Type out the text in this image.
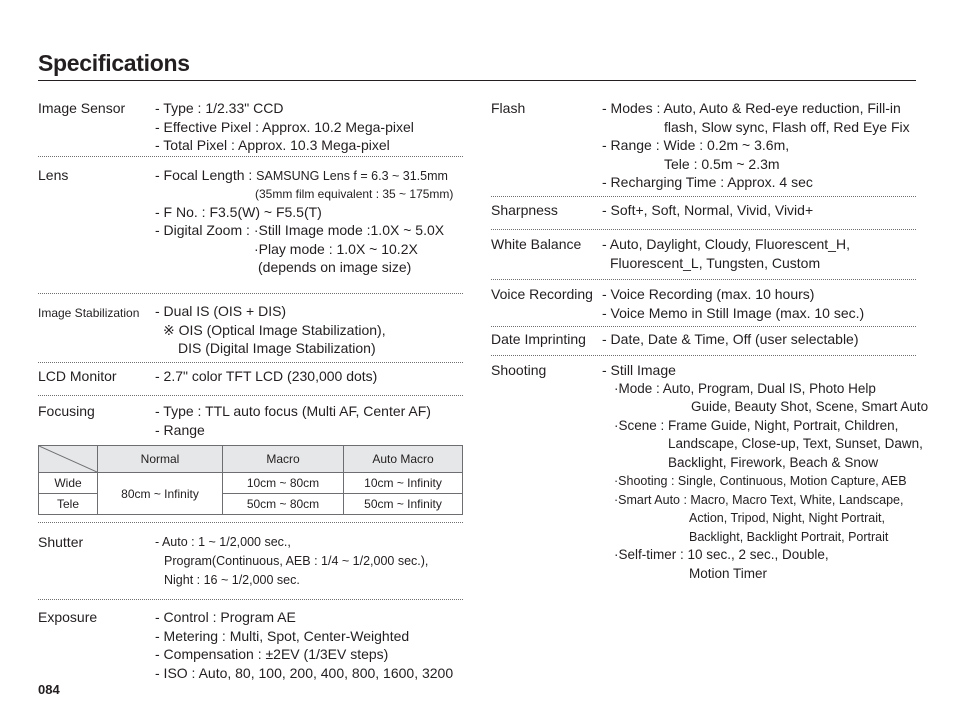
Specifications
Image Sensor - Type : 1/2.33" CCD
- Effective Pixel : Approx. 10.2 Mega-pixel
- Total Pixel : Approx. 10.3 Mega-pixel
Lens	- Focal Length : SAMSUNG Lens f = 6.3 ~ 31.5mm
(35mm film equivalent : 35 ~ 175mm)
- F No. : F3.5(W) ~ F5.5(T)
- Digital Zoom : ·Still Image mode :1.0X ~ 5.0X
·Play mode : 1.0X ~ 10.2X
(depends on image size)
Image Stabilization - Dual IS (OIS + DIS)
※ OIS (Optical Image Stabilization),
DIS (Digital Image Stabilization)
LCD Monitor	- 2.7" color TFT LCD (230,000 dots)
Focusing	- Type : TTL auto focus (Multi AF, Center AF)
- Range
	Normal	Macro	Auto Macro
Wide	80cm ~ Infinity	10cm ~ 80cm	10cm ~ Infinity
Tele		50cm ~ 80cm	50cm ~ Infinity
Shutter	- Auto : 1 ~ 1/2,000 sec.,
Program(Continuous, AEB : 1/4 ~ 1/2,000 sec.),
Night : 16 ~ 1/2,000 sec.
Exposure	- Control : Program AE
- Metering : Multi, Spot, Center-Weighted
- Compensation : ±2EV (1/3EV steps)
- ISO : Auto, 80, 100, 200, 400, 800, 1600, 3200
Flash	- Modes : Auto, Auto & Red-eye reduction, Fill-in
flash, Slow sync, Flash off, Red Eye Fix
- Range : Wide : 0.2m ~ 3.6m,
Tele : 0.5m ~ 2.3m
- Recharging Time : Approx. 4 sec
Sharpness	- Soft+, Soft, Normal, Vivid, Vivid+
White Balance - Auto, Daylight, Cloudy, Fluorescent_H,
Fluorescent_L, Tungsten, Custom
Voice Recording - Voice Recording (max. 10 hours)
- Voice Memo in Still Image (max. 10 sec.)
Date Imprinting - Date, Date & Time, Off (user selectable)
Shooting	- Still Image
·Mode : Auto, Program, Dual IS, Photo Help
Guide, Beauty Shot, Scene, Smart Auto
·Scene : Frame Guide, Night, Portrait, Children,
Landscape, Close-up, Text, Sunset, Dawn,
Backlight, Firework, Beach & Snow
·Shooting : Single, Continuous, Motion Capture, AEB
·Smart Auto : Macro, Macro Text, White, Landscape,
Action, Tripod, Night, Night Portrait,
Backlight, Backlight Portrait, Portrait
·Self-timer : 10 sec., 2 sec., Double,
Motion Timer
084
